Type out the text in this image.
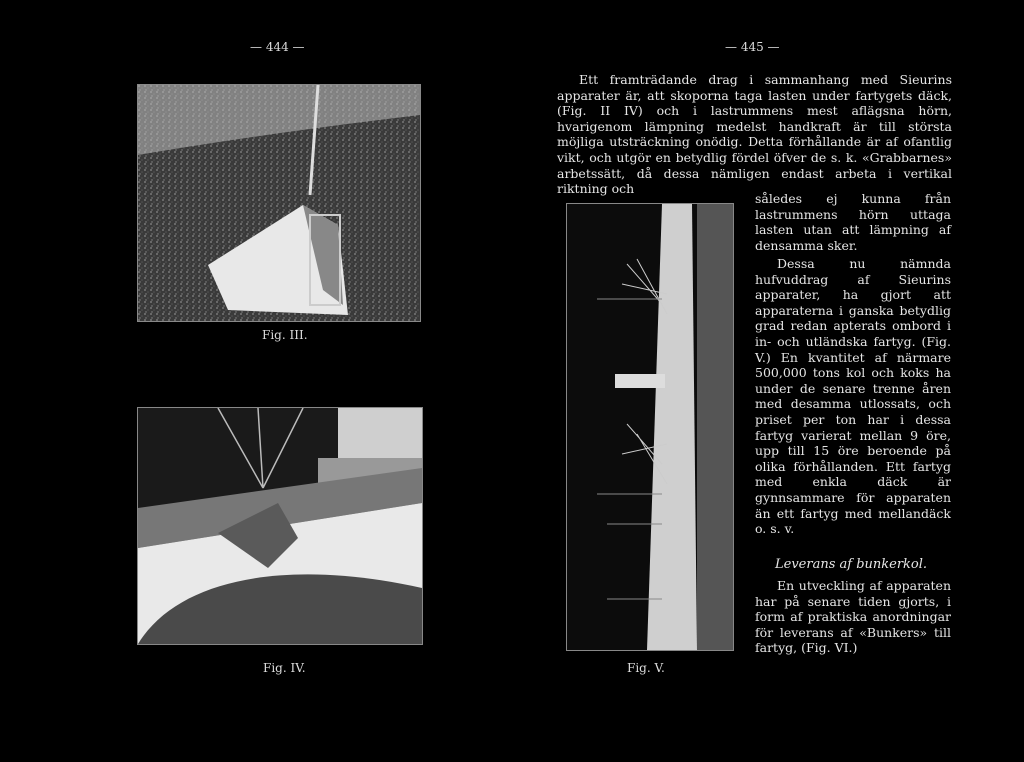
— 444 —	— 445 —
Fig. III.
Fig. IV.
Ett framträdande drag i sammanhang med Sieurins apparater är, att skoporna taga lasten under fartygets däck, (Fig. II IV) och i lastrummens mest aflägsna hörn, hvarigenom lämpning medelst handkraft är till största möjliga utsträckning onödig. Detta förhållande är af ofantlig vikt, och utgör en betydlig fördel öfver de s. k. «Grabbarnes» arbetssätt, då dessa nämligen endast arbeta i vertikal riktning och
Fig. V.
således ej kunna från lastrummens hörn uttaga lasten utan att lämpning af densamma sker.
Dessa nu nämnda hufvuddrag af Sieurins apparater, ha gjort att apparaterna i ganska betydlig grad redan apterats ombord i in- och utländska fartyg. (Fig. V.) En kvantitet af närmare 500,000 tons kol och koks ha under de senare trenne åren med desamma utlossats, och priset per ton har i dessa fartyg varierat mellan 9 öre, upp till 15 öre beroende på olika förhållanden. Ett fartyg med enkla däck är gynnsammare för apparaten än ett fartyg med mellandäck o. s. v.
Leverans af bunkerkol.
En utveckling af apparaten har på senare tiden gjorts, i form af praktiska anordningar för leverans af «Bunkers» till fartyg, (Fig. VI.)
